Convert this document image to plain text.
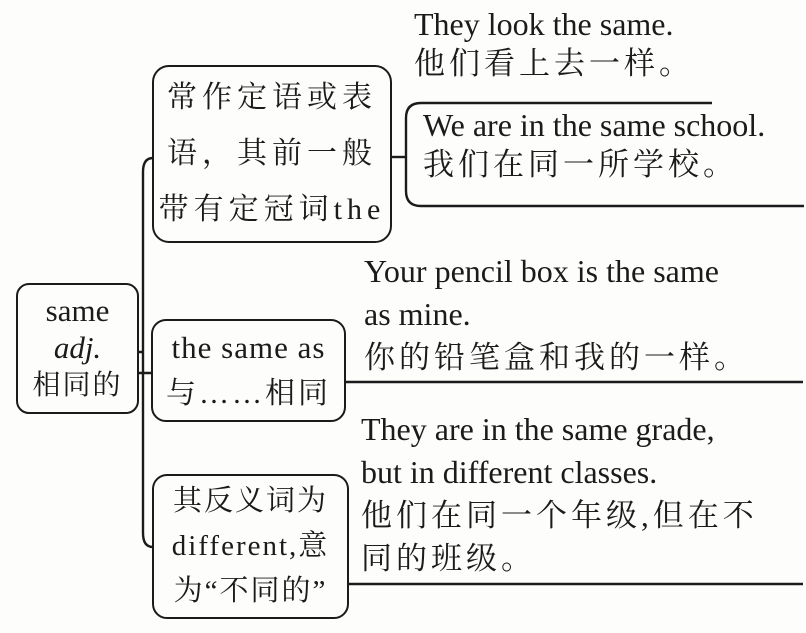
same
adj.
相同的
常作定语或表
语，其前一般
带有定冠词the
the same as
与……相同
其反义词为
different,意
为“不同的”
They look the same.
他们看上去一样。
We are in the same school.
我们在同一所学校。
Your pencil box is the same
as mine.
你的铅笔盒和我的一样。
They are in the same grade,
but in different classes.
他们在同一个年级,但在不
同的班级。
